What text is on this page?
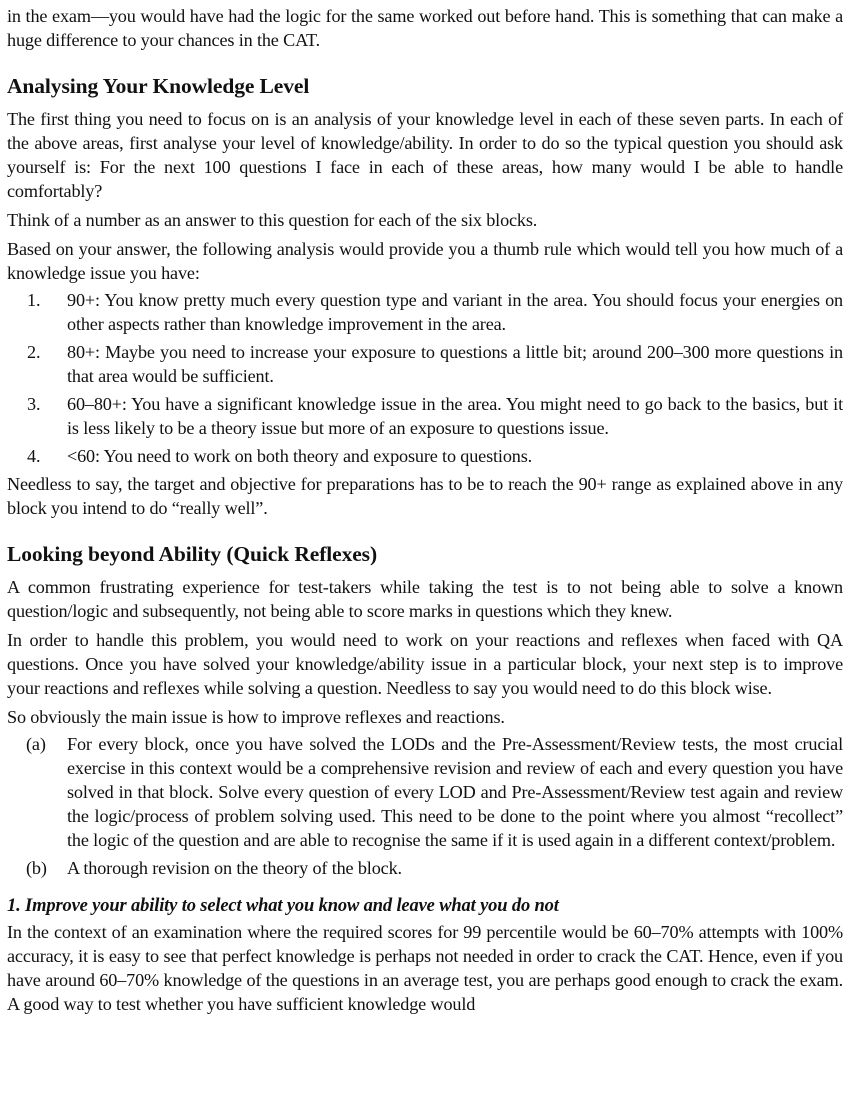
in the exam—you would have had the logic for the same worked out before hand. This is something that can make a huge difference to your chances in the CAT.

Analysing Your Knowledge Level

The first thing you need to focus on is an analysis of your knowledge level in each of these seven parts. In each of the above areas, first analyse your level of knowledge/ability. In order to do so the typical question you should ask yourself is: For the next 100 questions I face in each of these areas, how many would I be able to handle comfortably?

Think of a number as an answer to this question for each of the six blocks.

Based on your answer, the following analysis would provide you a thumb rule which would tell you how much of a knowledge issue you have:

1. 90+: You know pretty much every question type and variant in the area. You should focus your energies on other aspects rather than knowledge improvement in the area.
2. 80+: Maybe you need to increase your exposure to questions a little bit; around 200–300 more questions in that area would be sufficient.
3. 60–80+: You have a significant knowledge issue in the area. You might need to go back to the basics, but it is less likely to be a theory issue but more of an exposure to questions issue.
4. <60: You need to work on both theory and exposure to questions.

Needless to say, the target and objective for preparations has to be to reach the 90+ range as explained above in any block you intend to do “really well”.

Looking beyond Ability (Quick Reflexes)

A common frustrating experience for test-takers while taking the test is to not being able to solve a known question/logic and subsequently, not being able to score marks in questions which they knew.

In order to handle this problem, you would need to work on your reactions and reflexes when faced with QA questions. Once you have solved your knowledge/ability issue in a particular block, your next step is to improve your reactions and reflexes while solving a question. Needless to say you would need to do this block wise.

So obviously the main issue is how to improve reflexes and reactions.

(a) For every block, once you have solved the LODs and the Pre-Assessment/Review tests, the most crucial exercise in this context would be a comprehensive revision and review of each and every question you have solved in that block. Solve every question of every LOD and Pre-Assessment/Review test again and review the logic/process of problem solving used. This need to be done to the point where you almost “recollect” the logic of the question and are able to recognise the same if it is used again in a different context/problem.
(b) A thorough revision on the theory of the block.
1. Improve your ability to select what you know and leave what you do not

In the context of an examination where the required scores for 99 percentile would be 60–70% attempts with 100% accuracy, it is easy to see that perfect knowledge is perhaps not needed in order to crack the CAT. Hence, even if you have around 60–70% knowledge of the questions in an average test, you are perhaps good enough to crack the exam. A good way to test whether you have sufficient knowledge would
